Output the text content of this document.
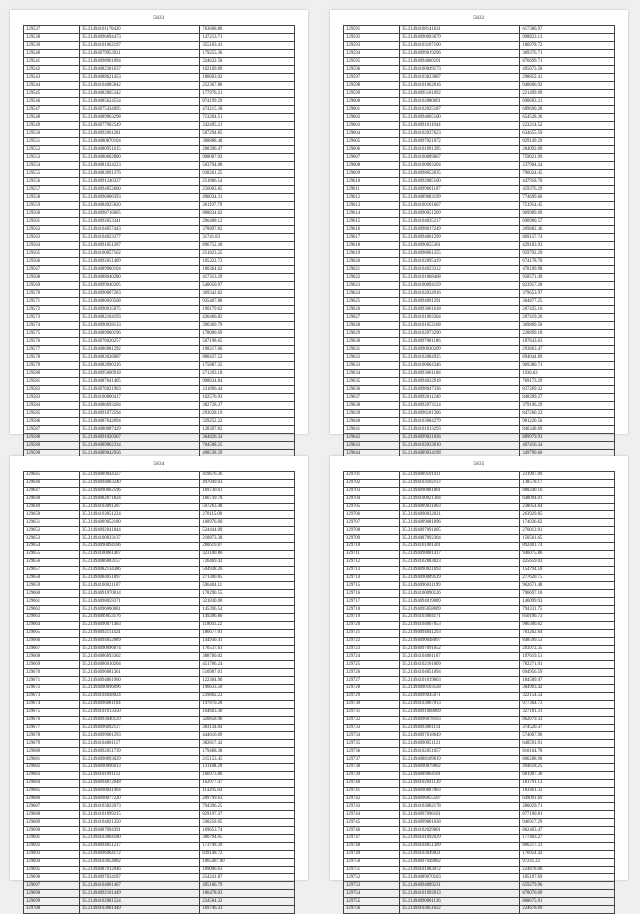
5833
329537	35.21494101178420	763608.80
329538	35.21494096094473	147213.71
329539	35.21494101062197	355103.41
329540	35.21494079953921	179255.30
329541	35.21494098961094	324632.58
329542	35.21494082301637	102169.89
329543	35.21494088621453	180603.02
329544	35.21494104085842	252367.80
329545	35.21494082865342	177976.21
329546	35.21494085624554	874199.29
329547	35.21494075434095	474215.38
329548	35.21494089963298	713204.51
329549	35.21494077902549	342495.21
329550	35.21494092061281	587294.85
329551	35.21494080870104	308888.48
329552	35.21494080951615	288396.47
329553	35.21494080062800	908007.92
329554	35.21494081024223	503794.08
329555	35.21494083091376	938261.25
329556	35.21494091240337	251806.54
329557	35.21494094052660	256003.85
329558	35.21494096006393	496034.31
329559	35.21494084925820	361197.79
329560	35.21494098716005	888834.62
329561	35.21494092053341	296408.12
329562	35.21494104057443	378897.82
329563	35.21494104023377	31741.83
329564	35.21494091051287	896752.30
329565	35.21494100057562	251823.25
329566	35.21494092051409	105322.73
329567	35.21494089960104	180364.62
329568	35.21494088040280	417313.29
329569	35.21494099040205	540050.97
329570	35.21494090007283	309342.82
329571	35.21494080050568	935407.88
329572	35.21494090015075	190179.62
329573	35.21494082104193	436466.82
329574	35.21494090028133	396369.79
329575	35.21494089060196	178000.69
329576	35.21494076020257	567198.65
329577	35.21494086081292	198217.66
329578	35.21494083026087	880437.52
329579	35.21494082090316	175887.35
329580	35.21494095000918	271203.18
329581	35.21494087041405	908634.84
329582	35.21494076021903	231896.44
329583	35.21494100000417	102576.93
329584	35.21494086093284	382728.37
329585	35.21494091072594	293028.19
329586	35.21494087042094	329252.22
329587	35.21494080087429	128397.82
329588	35.21494091020367	364826.34
329589	35.21494089062334	704508.25
329590	35.21494089042956	498538.39
5832
329591	35.21494108141631	617386.97
329592	35.21494090093679	998823.13
329593	35.21494103107100	186978.72
329594	35.21494099019296	389376.71
329595	35.21494094060101	876699.71
329596	35.21494100049173	495673.58
329597	35.21494103023087	298852.41
329598	35.21494101062016	940606.92
329599	35.21494095101092	221499.99
329600	35.21494102080601	690683.21
329601	35.21494102025187	689690.28
329602	35.21494094065100	654528.36
329603	35.21494091011944	223214.52
329604	35.21494102037623	634655.59
329605	35.21494097021072	829149.29
329606	35.21494101091395	284092.09
329607	35.21494100089667	759021.99
329608	35.21494100003204	237904.24
329609	35.21494098052035	796024.45
329610	35.21494092085160	447958.70
329611	35.21494099061107	459376.29
329612	35.21494089083199	774699.60
329613	35.21494100101607	751954.45
329614	35.21494090051209	969989.09
329615	35.21494104035217	690980.57
329616	35.21494098017249	269882.36
329617	35.21494094061299	869157.74
329618	35.21494090055361	429183.93
329619	35.21494098061355	959792.29
329620	35.21494102095419	674178.70
329621	35.21494104023312	478189.98
329622	35.21494101068408	958571.49
329623	35.21494100094159	823957.28
329624	35.21494102034916	379653.97
329625	35.21494094091291	304877.25
329626	35.21494093061618	267435.16
329627	35.21494101003304	207419.26
329628	35.21494101052168	369809.50
329629	35.21494102073290	228899.18
329630	35.21494097081186	187643.63
329631	35.21494090030209	293863.47
329632	35.21494102084925	894044.89
329633	35.21494100064346	969380.71
329634	35.21494093061168	1936.63
329635	35.21494094032918	769173.29
329636	35.21494098047336	837269.32
329637	35.21494092011240	848399.27
329638	35.21494092073124	379196.29
329639	35.21494096101306	847260.23
329640	35.21494103084279	981220.56
329641	35.21494101013293	846348.69
329642	35.21494099021036	889979.93
329643	35.21494102033010	467416.34
329644	35.21494089034198	349790.60
5834
329645	35.21494089044327	419676.36
329646	35.21494094063240	497049.03
329647	35.21494090062596	169730.61
329648	35.21494082071824	166739.78
329649	35.21494103091287	597263.48
329650	35.21494103051224	270115.00
329651	35.21494089052180	168976.60
329652	35.21494092041844	524444.09
329653	35.21494100033137	210873.38
329654	35.21494090094106	280619.87
329655	35.21494100061407	323100.86
329656	35.21494086003157	726469.43
329657	35.21494082134386	594938.26
329658	35.21494084051897	271300.85
329659	35.21494100021107	596404.11
329660	35.21494091070014	178290.55
329661	35.21494098059371	321830.00
329662	35.21494096060081	145396.54
329663	35.21494089053176	149286.86
329664	35.21494090071483	118041.22
329665	35.21494092111424	186677.01
329666	35.21494094052089	144930.41
329667	35.21494090096074	176537.61
329668	35.21494086093302	388700.02
329669	35.21494086010204	451706.24
329670	35.21494096081361	510987.01
329671	35.21494094061960	122304.90
329672	35.21494090096096	196633.50
329673	35.21494104048024	239802.23
329674	35.21494096081164	197870.28
329675	35.21494101013350	164603.30
329676	35.21494093040129	320858.96
329677	35.21494096092117	303134.84
329678	35.21494099001293	444616.09
329679	35.21494104001117	382817.42
329680	35.21494092051739	179468.38
329681	35.21494098093029	215153.45
329682	35.21494090096013	131188.28
329683	35.21494101091112	166973.86
329684	35.21494094072048	162977.47
329685	35.21494098041904	114295.84
329686	35.21494098077220	209799.63
329687	35.21494103022073	794396.25
329688	35.21494101099215	829197.37
329689	35.21494104021350	598258.05
329690	35.21494087094391	169653.74
329691	35.21494103004180	380794.05
329692	35.21494094051217	173798.39
329693	35.21494096064172	839148.72
329694	35.21494103054082	1065487.80
329695	35.21494087012046	189096.63
329696	35.21494097034187	254241.87
329697	35.21494104001467	495166.79
329698	35.21494092101449	186478.03
329699	35.21494102081524	234504.32
329700	35.21494103081449	169746.33
5835
329701	35.21494089101411	231997.09
329702	35.21494103102113	138578.17
329703	35.21494090081801	888240.16
329704	35.21494100021304	648094.01
329705	35.21494089031003	238054.64
329706	35.21494090032021	263929.85
329707	35.21494089081096	174036.62
329708	35.21494097091005	276012.01
329709	35.21494087092304	150561.65
329710	35.21494101001301	892401.74
329711	35.21494098081417	946075.86
329712	35.21494102083023	425659.03
329713	35.21494090021093	154794.59
329714	35.21494090089129	277620.75
329715	35.21494096031199	962671.48
329716	35.21494100090126	796697.18
329717	35.21494094019089	146099.93
329718	35.21494095058009	794331.75
329719	35.21494103004171	850106.73
329720	35.21494104067053	986306.62
329721	35.21494094041293	783262.64
329722	35.21494090048097	848599.53
329723	35.21494097091052	293972.35
329724	35.21494104001167	197619.51
329725	35.21494102101009	782271.91
329726	35.21494104051094	694956.59
329727	35.21494101019003	184589.97
329728	35.21494090103128	384903.42
329729	35.21494099045071	322154.54
329730	35.21494103067013	977364.73
329731	35.21494091068009	327181.31
329732	35.21494096078103	862079.33
329733	35.21494093001114	374520.37
329734	35.21494097018049	574007.96
329735	35.21494090051121	648591.91
329736	35.21494102051057	810164.78
329737	35.21494088109019	806288.90
329738	35.21494090079002	494618.25
329739	35.21494089064101	681907.36
329740	35.21494102041139	181791.13
329741	35.21494090087003	183461.33
329742	35.21494096055107	649091.69
329743	35.21494103082178	286029.71
329744	35.21494097096101	877190.81
329745	35.21494099001038	946917.29
329746	35.21494102029001	862463.47
329747	35.21494101092029	177403.27
329748	35.21494104051309	806217.31
329749	35.21494103049031	176954.42
329750	35.21494097048002	97241.22
329751	35.21494101083072	224878.06
329752	35.21494089070103	185197.69
329753	35.21494094089231	659279.96
329754	35.21494101092013	878076.09
329755	35.21494090001136	868675.91
329756	35.21494103051022	224678.69
